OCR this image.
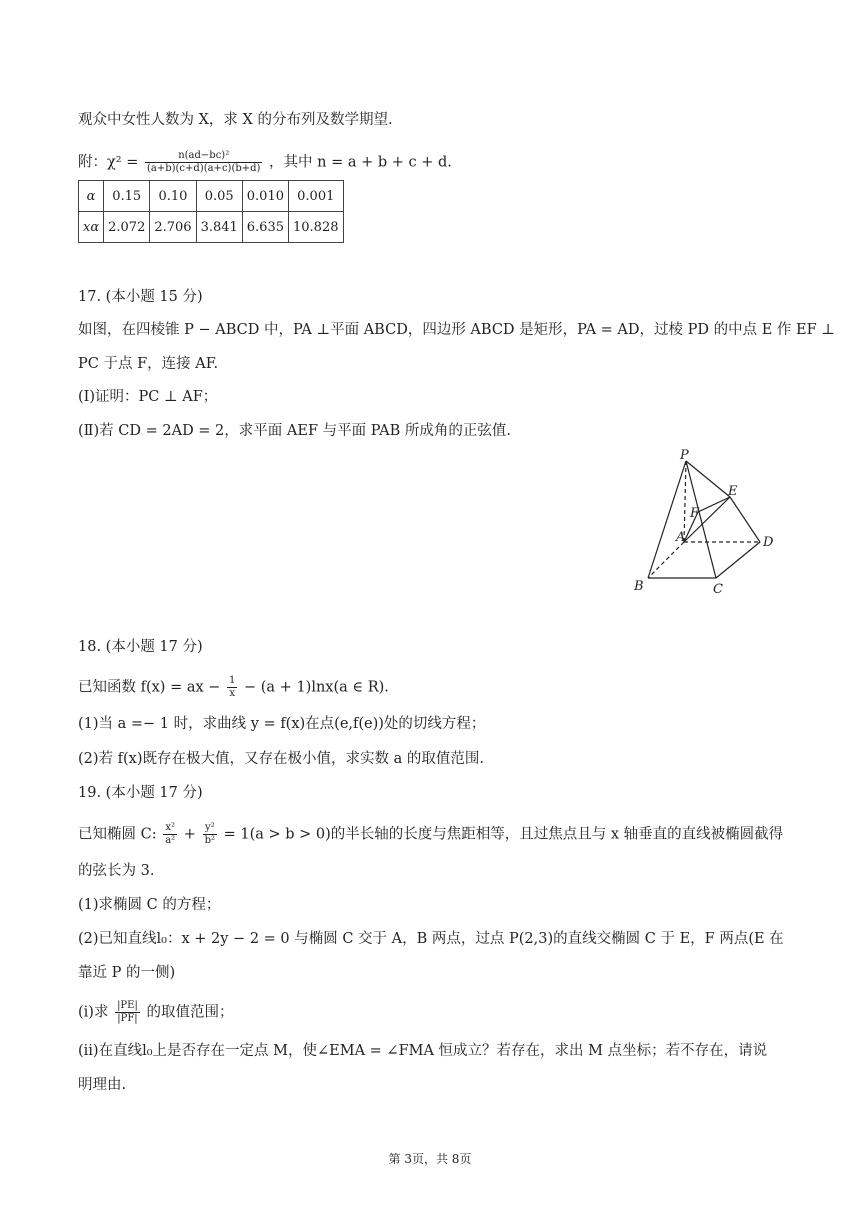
观众中女性人数为 X，求 X 的分布列及数学期望.
附：$\chi^2 = \frac{\text{n(ad−bc)²}}{(a+b)(c+d)(a+c)(b+d)}$ ，其中 n = a + b + c + d.
α	0.15	0.10	0.05	0.010	0.001
xα	2.072	2.706	3.841	6.635	10.828
17. (本小题 15 分)
如图，在四棱锥 P − ABCD 中，PA ⊥平面 ABCD，四边形 ABCD 是矩形，PA = AD，过棱 PD 的中点 E 作 EF ⊥
PC 于点 F，连接 AF.
(Ⅰ)证明：PC ⊥ AF；
(Ⅱ)若 CD = 2AD = 2，求平面 AEF 与平面 PAB 所成角的正弦值.
P
E
F
A	D
B	C
18. (本小题 17 分)
已知函数 f(x) = ax − $\frac{1}{x} - (a + 1)\ln x(a$ ∈ R).
(1)当 a =− 1 时，求曲线 y = f(x)在点(e,f(e))处的切线方程；
(2)若 f(x)既存在极大值，又存在极小值，求实数 a 的取值范围.
19. (本小题 17 分)
已知椭圆 C: $\frac{\text{x²}}{\text{a²}} + \frac{\text{y²}}{\text{b²}} = 1(a > b > 0)$的半长轴的长度与焦距相等，且过焦点且与 x 轴垂直的直线被椭圆截得
的弦长为 3.
(1)求椭圆 C 的方程；
(2)已知直线l₀：x + 2y − 2 = 0 与椭圆 C 交于 A，B 两点，过点 P(2,3)的直线交椭圆 C 于 E，F 两点(E 在
靠近 P 的一侧)
(ⅰ)求 $\frac{|PE|}{|PF|}$ 的取值范围；
(ⅱ)在直线l₀上是否存在一定点 M，使∠EMA = ∠FMA 恒成立？若存在，求出 M 点坐标；若不存在，请说
明理由.
第 3页，共 8页
